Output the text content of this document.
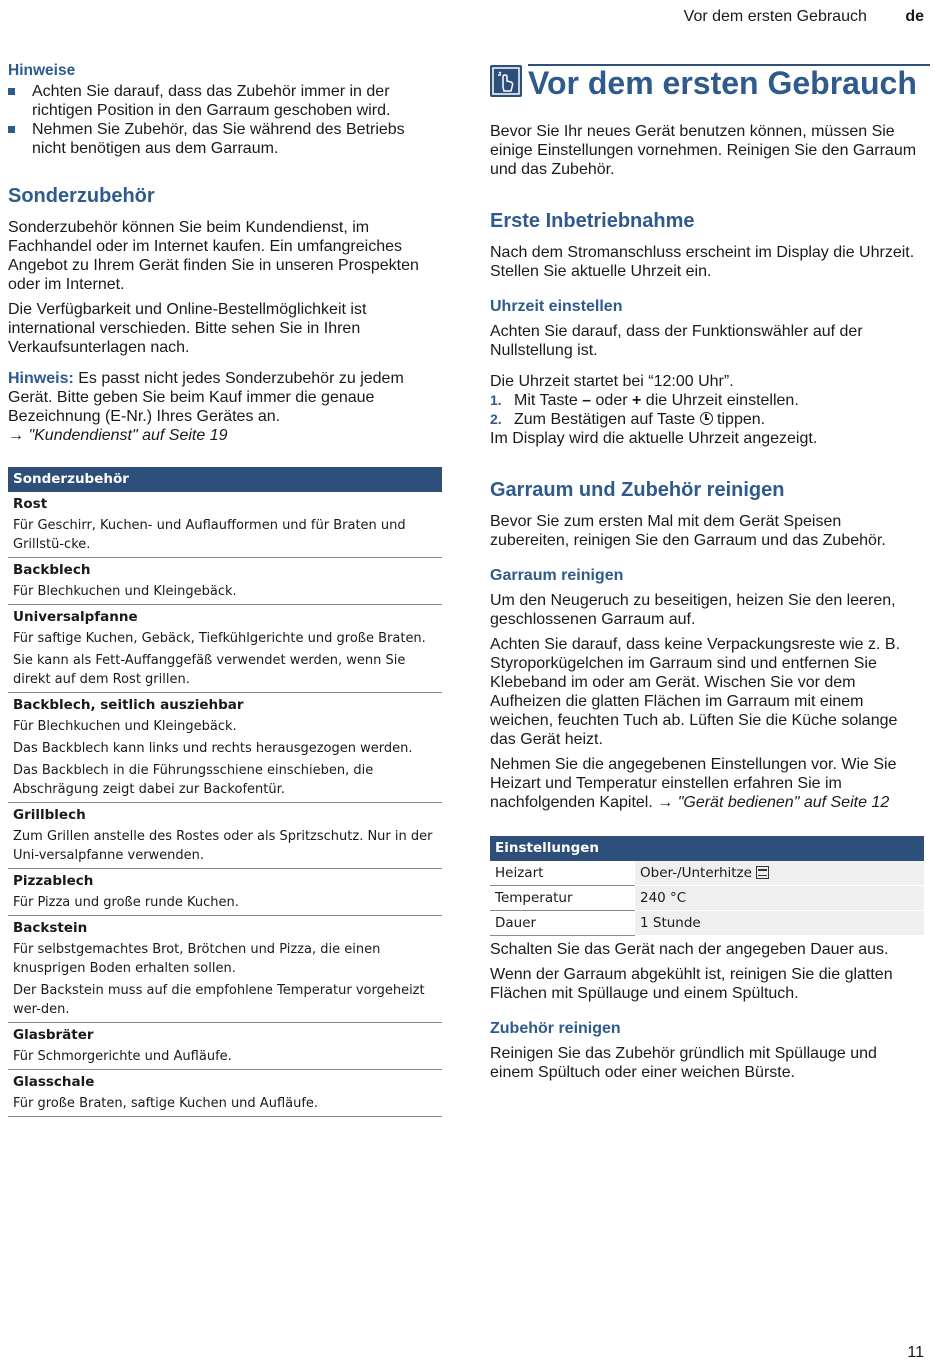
Vor dem ersten Gebrauch de
Hinweise
Achten Sie darauf, dass das Zubehör immer in der richtigen Position in den Garraum geschoben wird.
Nehmen Sie Zubehör, das Sie während des Betriebs nicht benötigen aus dem Garraum.
Sonderzubehör

Sonderzubehör können Sie beim Kundendienst, im Fachhandel oder im Internet kaufen. Ein umfangreiches Angebot zu Ihrem Gerät finden Sie in unseren Prospekten oder im Internet.

Die Verfügbarkeit und Online-Bestellmöglichkeit ist international verschieden. Bitte sehen Sie in Ihren Verkaufsunterlagen nach.

Hinweis: Es passt nicht jedes Sonderzubehör zu jedem Gerät. Bitte geben Sie beim Kauf immer die genaue Bezeichnung (E-Nr.) Ihres Gerätes an.
→ "Kundendienst" auf Seite 19

Sonderzubehör
Rost
Für Geschirr, Kuchen- und Auflaufformen und für Braten und Grillstü-cke.
Backblech
Für Blechkuchen und Kleingebäck.
Universalpfanne
Für saftige Kuchen, Gebäck, Tiefkühlgerichte und große Braten.
Sie kann als Fett-Auffanggefäß verwendet werden, wenn Sie direkt auf dem Rost grillen.
Backblech, seitlich ausziehbar
Für Blechkuchen und Kleingebäck.
Das Backblech kann links und rechts herausgezogen werden.
Das Backblech in die Führungsschiene einschieben, die Abschrägung zeigt dabei zur Backofentür.
Grillblech
Zum Grillen anstelle des Rostes oder als Spritzschutz. Nur in der Uni-versalpfanne verwenden.
Pizzablech
Für Pizza und große runde Kuchen.
Backstein
Für selbstgemachtes Brot, Brötchen und Pizza, die einen knusprigen Boden erhalten sollen.
Der Backstein muss auf die empfohlene Temperatur vorgeheizt wer-den.
Glasbräter
Für Schmorgerichte und Aufläufe.
Glasschale
Für große Braten, saftige Kuchen und Aufläufe.
Vor dem ersten Gebrauch

Bevor Sie Ihr neues Gerät benutzen können, müssen Sie einige Einstellungen vornehmen. Reinigen Sie den Garraum und das Zubehör.

Erste Inbetriebnahme

Nach dem Stromanschluss erscheint im Display die Uhrzeit. Stellen Sie aktuelle Uhrzeit ein.

Uhrzeit einstellen

Achten Sie darauf, dass der Funktionswähler auf der Nullstellung ist.

Die Uhrzeit startet bei “12:00 Uhr”.

1. Mit Taste – oder + die Uhrzeit einstellen.
2. Zum Bestätigen auf Taste  tippen.

Im Display wird die aktuelle Uhrzeit angezeigt.

Garraum und Zubehör reinigen

Bevor Sie zum ersten Mal mit dem Gerät Speisen zubereiten, reinigen Sie den Garraum und das Zubehör.

Garraum reinigen

Um den Neugeruch zu beseitigen, heizen Sie den leeren, geschlossenen Garraum auf.

Achten Sie darauf, dass keine Verpackungsreste wie z. B. Styroporkügelchen im Garraum sind und entfernen Sie Klebeband im oder am Gerät. Wischen Sie vor dem Aufheizen die glatten Flächen im Garraum mit einem weichen, feuchten Tuch ab. Lüften Sie die Küche solange das Gerät heizt.

Nehmen Sie die angegebenen Einstellungen vor. Wie Sie Heizart und Temperatur einstellen erfahren Sie im nachfolgenden Kapitel. → "Gerät bedienen" auf Seite 12

Einstellungen
Heizart	Ober-/Unterhitze
Temperatur	240 °C
Dauer	1 Stunde

Schalten Sie das Gerät nach der angegeben Dauer aus.

Wenn der Garraum abgekühlt ist, reinigen Sie die glatten Flächen mit Spüllauge und einem Spültuch.

Zubehör reinigen

Reinigen Sie das Zubehör gründlich mit Spüllauge und einem Spültuch oder einer weichen Bürste.

11
